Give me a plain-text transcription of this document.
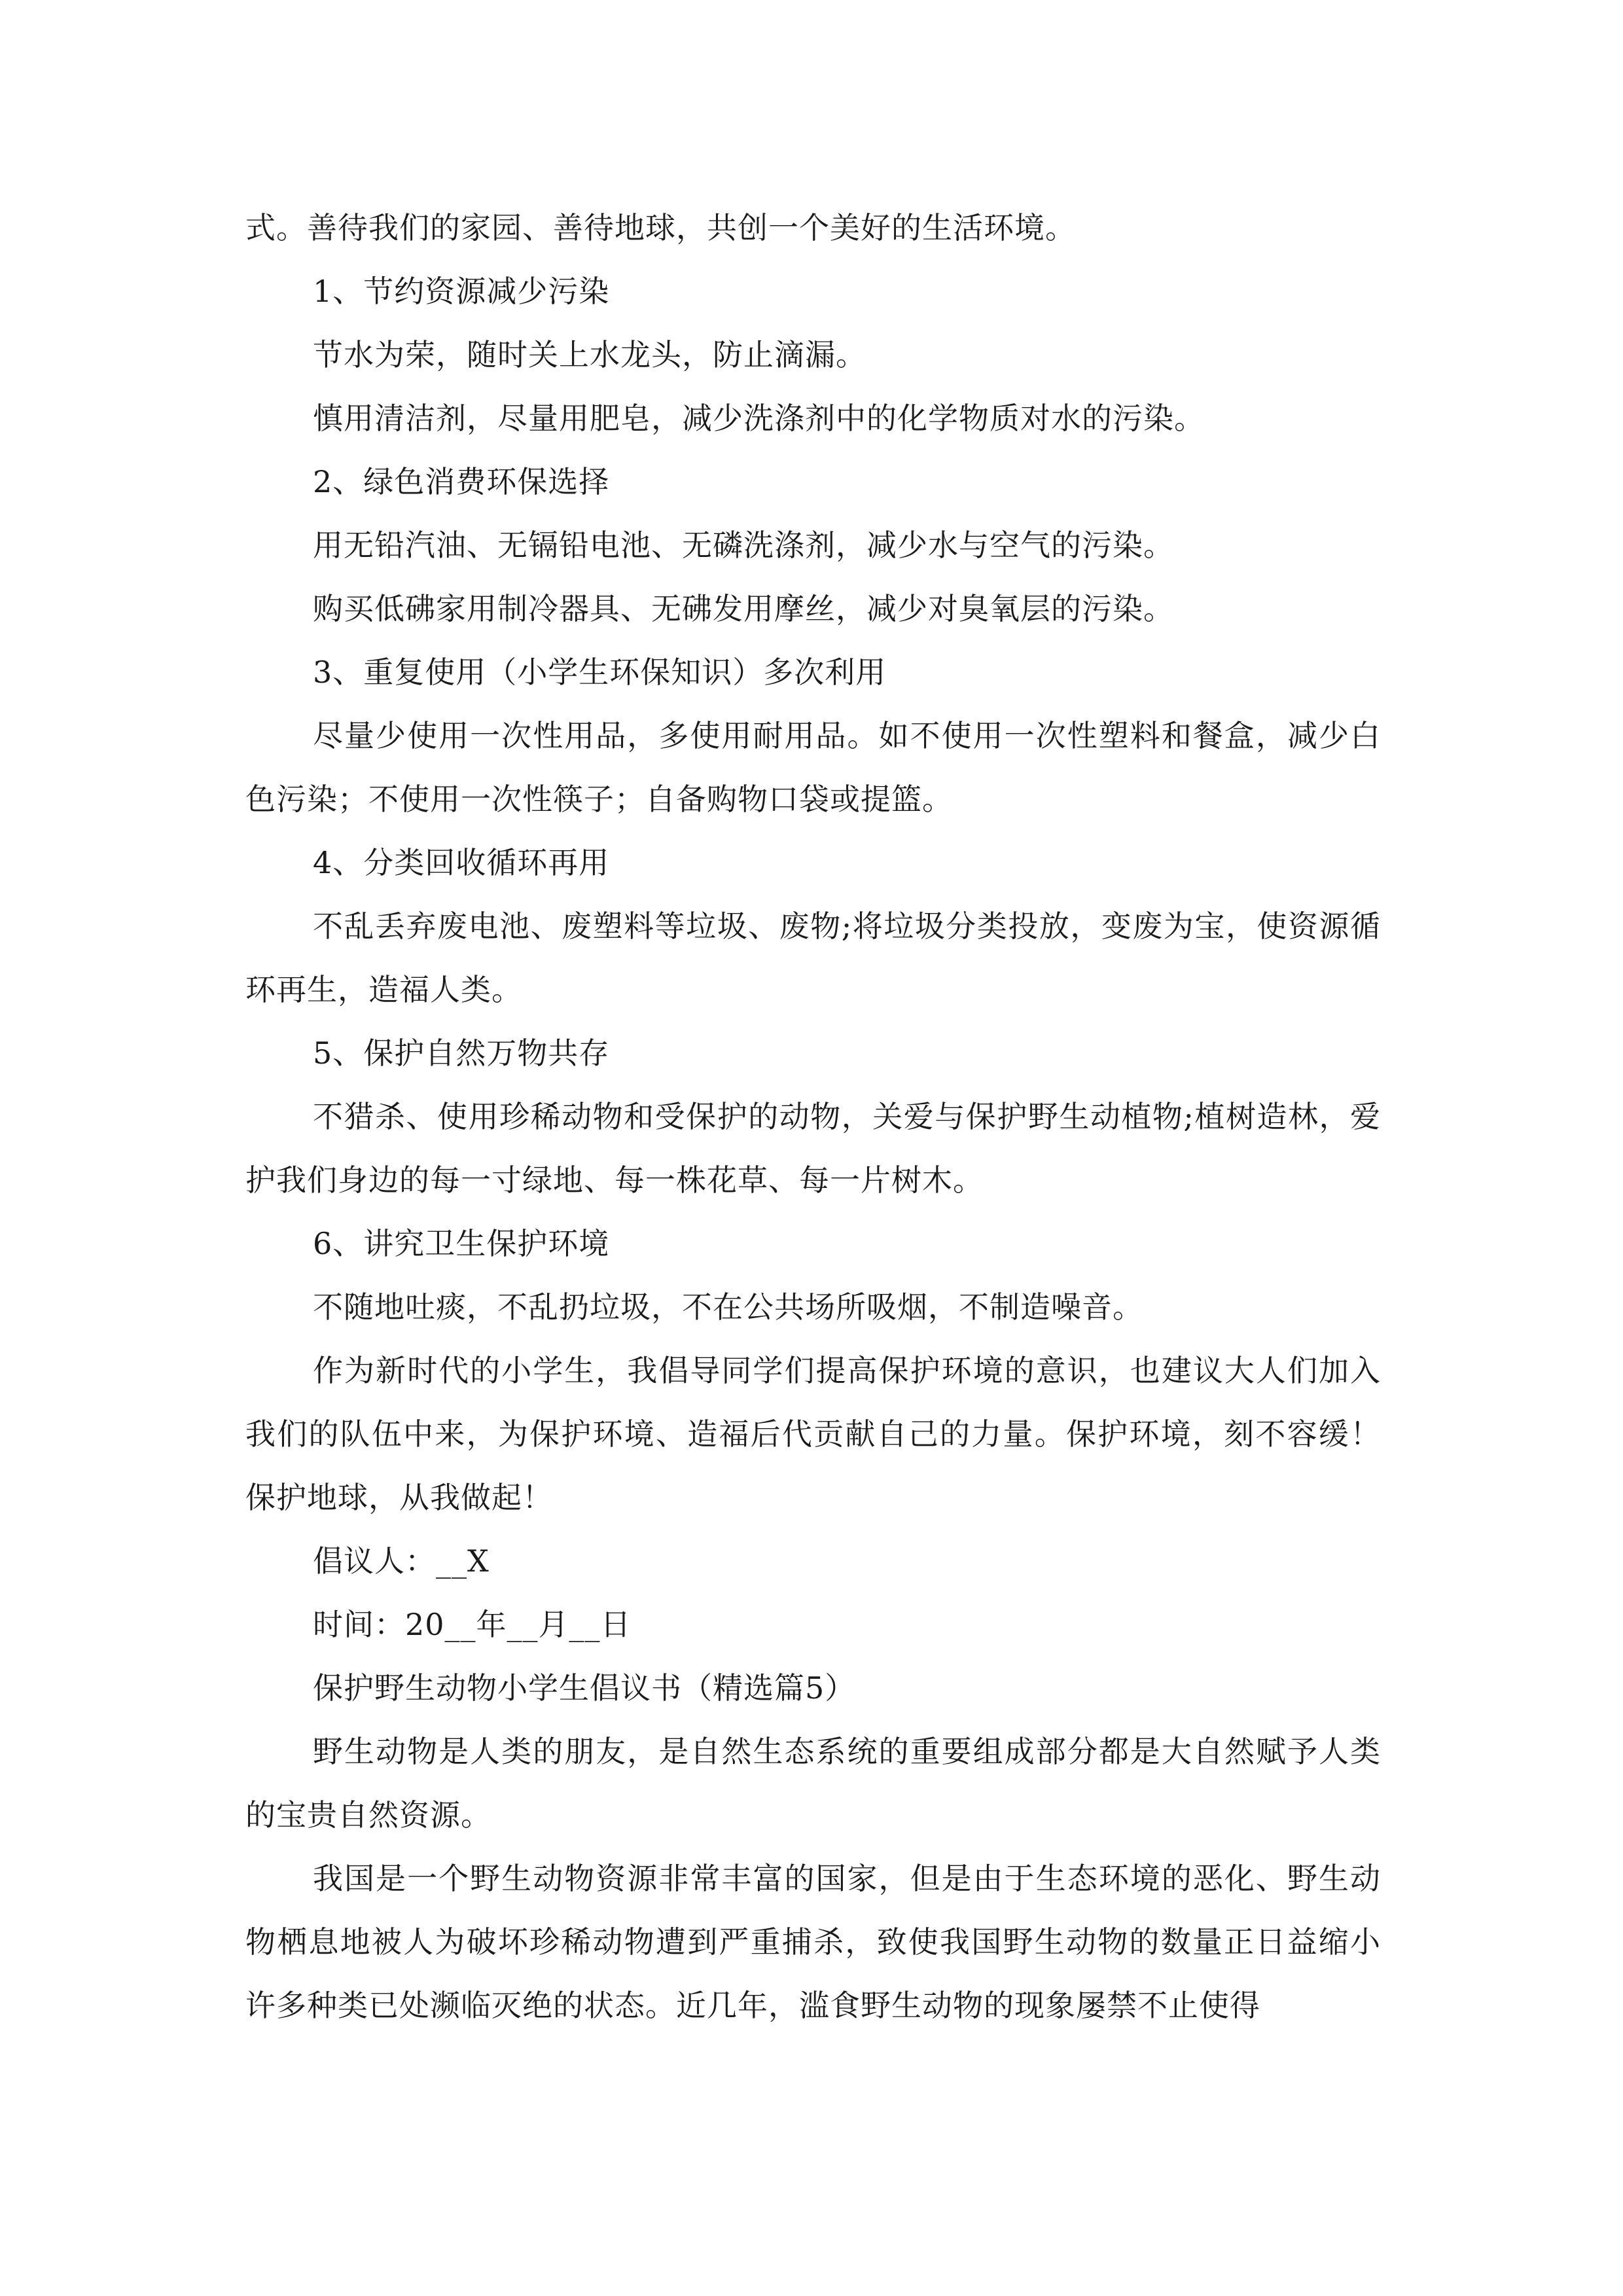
式。善待我们的家园、善待地球，共创一个美好的生活环境。

1、节约资源减少污染

节水为荣，随时关上水龙头，防止滴漏。

慎用清洁剂，尽量用肥皂，减少洗涤剂中的化学物质对水的污染。

2、绿色消费环保选择

用无铅汽油、无镉铅电池、无磷洗涤剂，减少水与空气的污染。

购买低砩家用制冷器具、无砩发用摩丝，减少对臭氧层的污染。

3、重复使用（小学生环保知识）多次利用

尽量少使用一次性用品，多使用耐用品。如不使用一次性塑料和餐盒，减少白色污染；不使用一次性筷子；自备购物口袋或提篮。

4、分类回收循环再用

不乱丢弃废电池、废塑料等垃圾、废物;将垃圾分类投放，变废为宝，使资源循环再生，造福人类。

5、保护自然万物共存

不猎杀、使用珍稀动物和受保护的动物，关爱与保护野生动植物;植树造林，爱护我们身边的每一寸绿地、每一株花草、每一片树木。

6、讲究卫生保护环境

不随地吐痰，不乱扔垃圾，不在公共场所吸烟，不制造噪音。

作为新时代的小学生，我倡导同学们提高保护环境的意识，也建议大人们加入我们的队伍中来，为保护环境、造福后代贡献自己的力量。保护环境，刻不容缓！保护地球，从我做起！

倡议人：__X

时间：20__年__月__日

保护野生动物小学生倡议书（精选篇5）

野生动物是人类的朋友，是自然生态系统的重要组成部分都是大自然赋予人类的宝贵自然资源。

我国是一个野生动物资源非常丰富的国家，但是由于生态环境的恶化、野生动物栖息地被人为破坏珍稀动物遭到严重捕杀，致使我国野生动物的数量正日益缩小许多种类已处濒临灭绝的状态。近几年，滥食野生动物的现象屡禁不止使得
